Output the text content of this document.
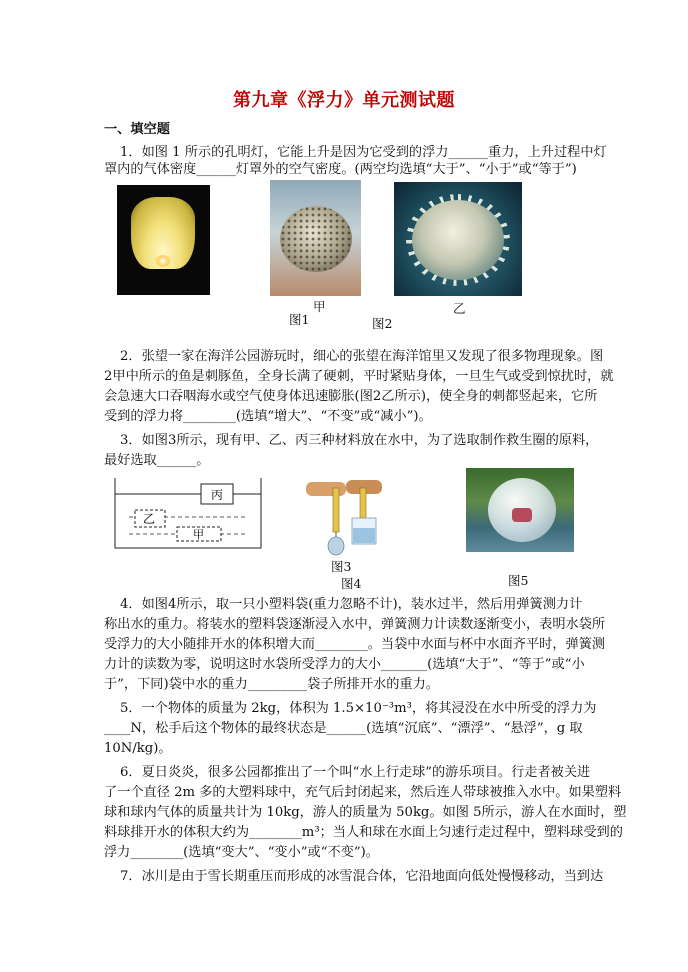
第九章《浮力》单元测试题
一、填空题
1．如图 1 所示的孔明灯，它能上升是因为它受到的浮力______重力，上升过程中灯
罩内的气体密度______灯罩外的空气密度。(两空均选填“大于”、“小于”或“等于”)
甲
图1
乙
图2
2．张望一家在海洋公园游玩时，细心的张望在海洋馆里又发现了很多物理现象。图
2甲中所示的鱼是刺豚鱼，全身长满了硬刺，平时紧贴身体，一旦生气或受到惊扰时，就
会急速大口吞咽海水或空气使身体迅速膨胀(图2乙所示)，使全身的刺都竖起来，它所
受到的浮力将________(选填“增大”、“不变”或“减小”)。
3．如图3所示，现有甲、乙、丙三种材料放在水中，为了选取制作救生圈的原料，
最好选取______。
丙
乙
甲
图3
图4	图5
4．如图4所示，取一只小塑料袋(重力忽略不计)，装水过半，然后用弹簧测力计
称出水的重力。将装水的塑料袋逐渐浸入水中，弹簧测力计读数逐渐变小，表明水袋所
受浮力的大小随排开水的体积增大而________。当袋中水面与杯中水面齐平时，弹簧测
力计的读数为零，说明这时水袋所受浮力的大小_______(选填“大于”、“等于”或“小
于”，下同)袋中水的重力_________袋子所排开水的重力。
5．一个物体的质量为 2kg，体积为 1.5×10⁻³m³，将其浸没在水中所受的浮力为
____N，松手后这个物体的最终状态是______(选填“沉底”、“漂浮”、“悬浮”，g 取
10N/kg)。
6．夏日炎炎，很多公园都推出了一个叫“水上行走球”的游乐项目。行走者被关进
了一个直径 2m 多的大塑料球中，充气后封闭起来，然后连人带球被推入水中。如果塑料
球和球内气体的质量共计为 10kg，游人的质量为 50kg。如图 5所示，游人在水面时，塑
料球排开水的体积大约为________m³；当人和球在水面上匀速行走过程中，塑料球受到的
浮力________(选填“变大”、“变小”或“不变”)。
7．冰川是由于雪长期重压而形成的冰雪混合体，它沿地面向低处慢慢移动，当到达
